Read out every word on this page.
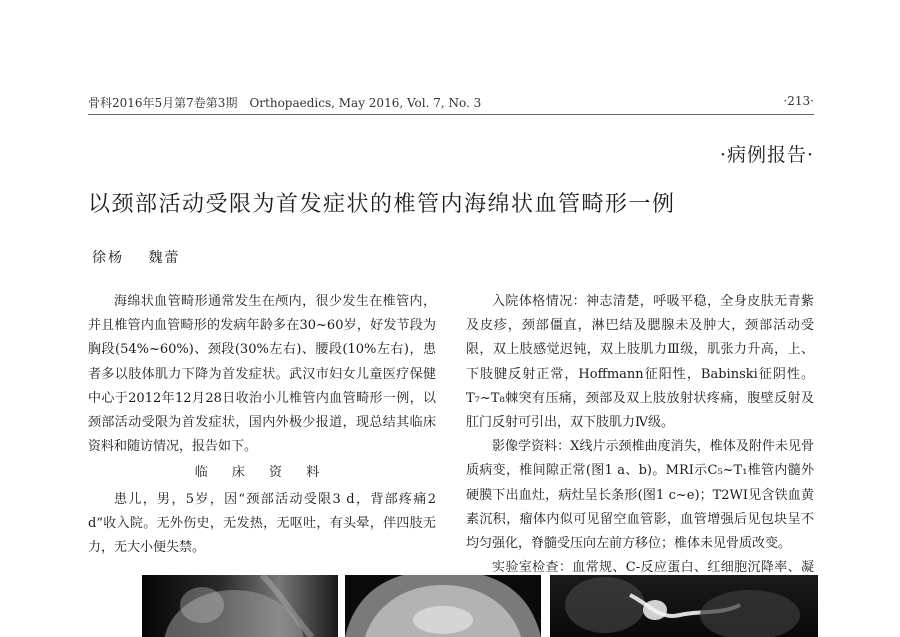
骨科2016年5月第7卷第3期　Orthopaedics, May 2016, Vol. 7, No. 3	·213·

·病例报告·
以颈部活动受限为首发症状的椎管内海绵状血管畸形一例
徐杨 魏蕾

海绵状血管畸形通常发生在颅内，很少发生在椎管内，并且椎管内血管畸形的发病年龄多在30~60岁，好发节段为胸段(54%~60%)、颈段(30%左右)、腰段(10%左右)，患者多以肢体肌力下降为首发症状。武汉市妇女儿童医疗保健中心于2012年12月28日收治小儿椎管内血管畸形一例，以颈部活动受限为首发症状，国内外极少报道，现总结其临床资料和随访情况，报告如下。

临 床 资 料

患儿，男，5岁，因“颈部活动受限3 d，背部疼痛2 d”收入院。无外伤史，无发热，无呕吐，有头晕，伴四肢无力，无大小便失禁。

入院体格情况：神志清楚，呼吸平稳，全身皮肤无青紫及皮疹，颈部僵直，淋巴结及腮腺未及肿大，颈部活动受限，双上肢感觉迟钝，双上肢肌力Ⅲ级，肌张力升高，上、下肢腱反射正常，Hoffmann征阳性，Babinski征阴性。T₇~T₈棘突有压痛，颈部及双上肢放射状疼痛，腹壁反射及肛门反射可引出，双下肢肌力Ⅳ级。

影像学资料：X线片示颈椎曲度消失，椎体及附件未见骨质病变，椎间隙正常(图1 a、b)。MRI示C₅~T₁椎管内髓外硬膜下出血灶，病灶呈长条形(图1 c~e)；T2WI见含铁血黄素沉积，瘤体内似可见留空血管影，血管增强后见包块呈不均匀强化，脊髓受压向左前方移位；椎体未见骨质改变。

实验室检查：血常规、C-反应蛋白、红细胞沉降率、凝
